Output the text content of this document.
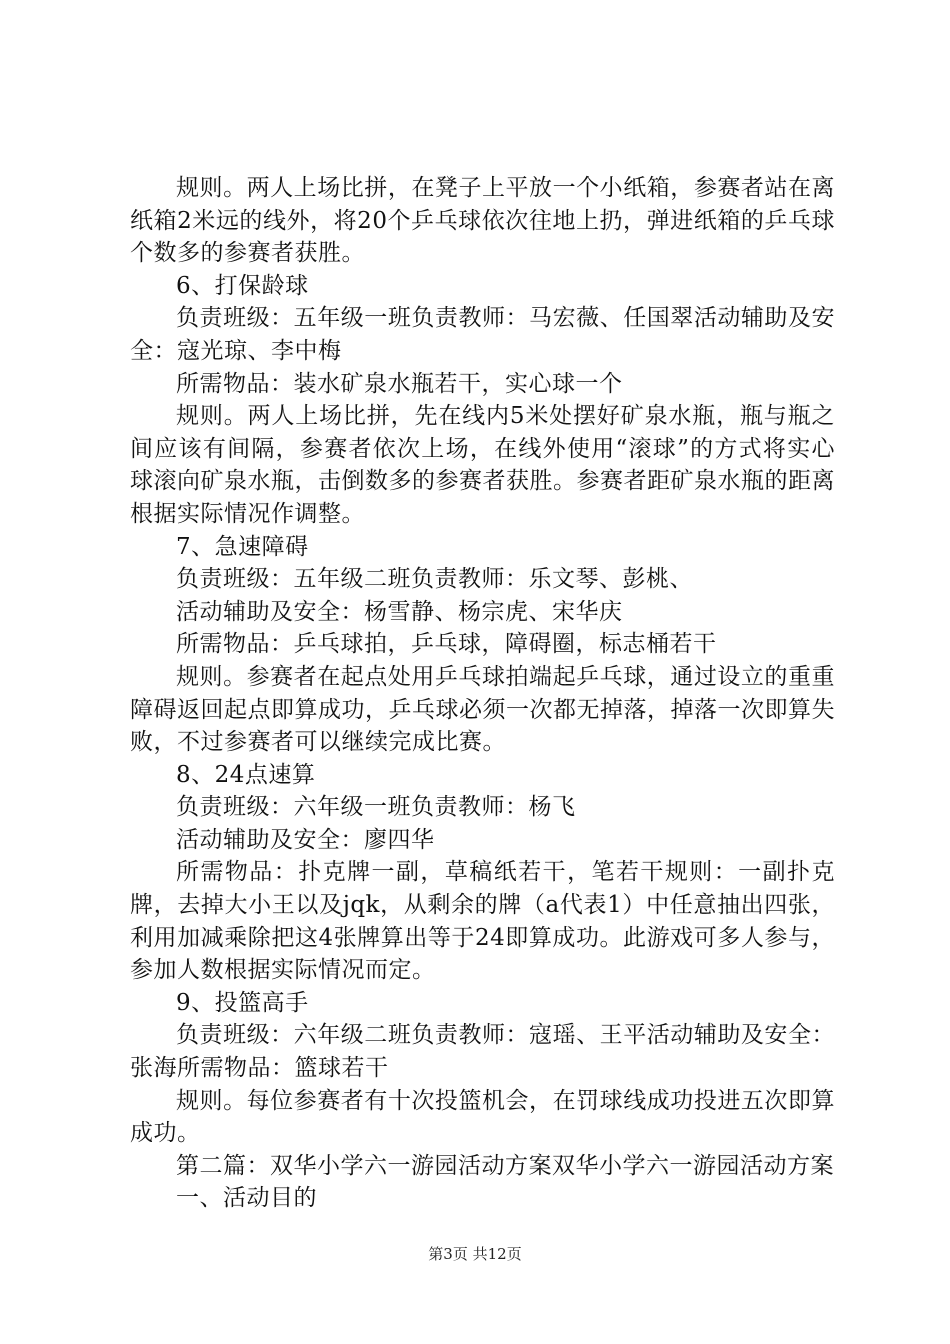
规则。两人上场比拼，在凳子上平放一个小纸箱，参赛者站在离纸箱2米远的线外，将20个乒乓球依次往地上扔，弹进纸箱的乒乓球个数多的参赛者获胜。

6、打保龄球

负责班级：五年级一班负责教师：马宏薇、任国翠活动辅助及安全：寇光琼、李中梅

所需物品：装水矿泉水瓶若干，实心球一个

规则。两人上场比拼，先在线内5米处摆好矿泉水瓶，瓶与瓶之间应该有间隔，参赛者依次上场，在线外使用“滚球”的方式将实心球滚向矿泉水瓶，击倒数多的参赛者获胜。参赛者距矿泉水瓶的距离根据实际情况作调整。

7、急速障碍

负责班级：五年级二班负责教师：乐文琴、彭桃、

活动辅助及安全：杨雪静、杨宗虎、宋华庆

所需物品：乒乓球拍，乒乓球，障碍圈，标志桶若干

规则。参赛者在起点处用乒乓球拍端起乒乓球，通过设立的重重障碍返回起点即算成功，乒乓球必须一次都无掉落，掉落一次即算失败，不过参赛者可以继续完成比赛。

8、24点速算

负责班级：六年级一班负责教师：杨飞

活动辅助及安全：廖四华

所需物品：扑克牌一副，草稿纸若干，笔若干规则：一副扑克牌，去掉大小王以及jqk，从剩余的牌（a代表1）中任意抽出四张，利用加减乘除把这4张牌算出等于24即算成功。此游戏可多人参与，参加人数根据实际情况而定。

9、投篮高手

负责班级：六年级二班负责教师：寇瑶、王平活动辅助及安全：张海所需物品：篮球若干

规则。每位参赛者有十次投篮机会，在罚球线成功投进五次即算成功。

第二篇：双华小学六一游园活动方案双华小学六一游园活动方案

一、活动目的

第3页 共12页
